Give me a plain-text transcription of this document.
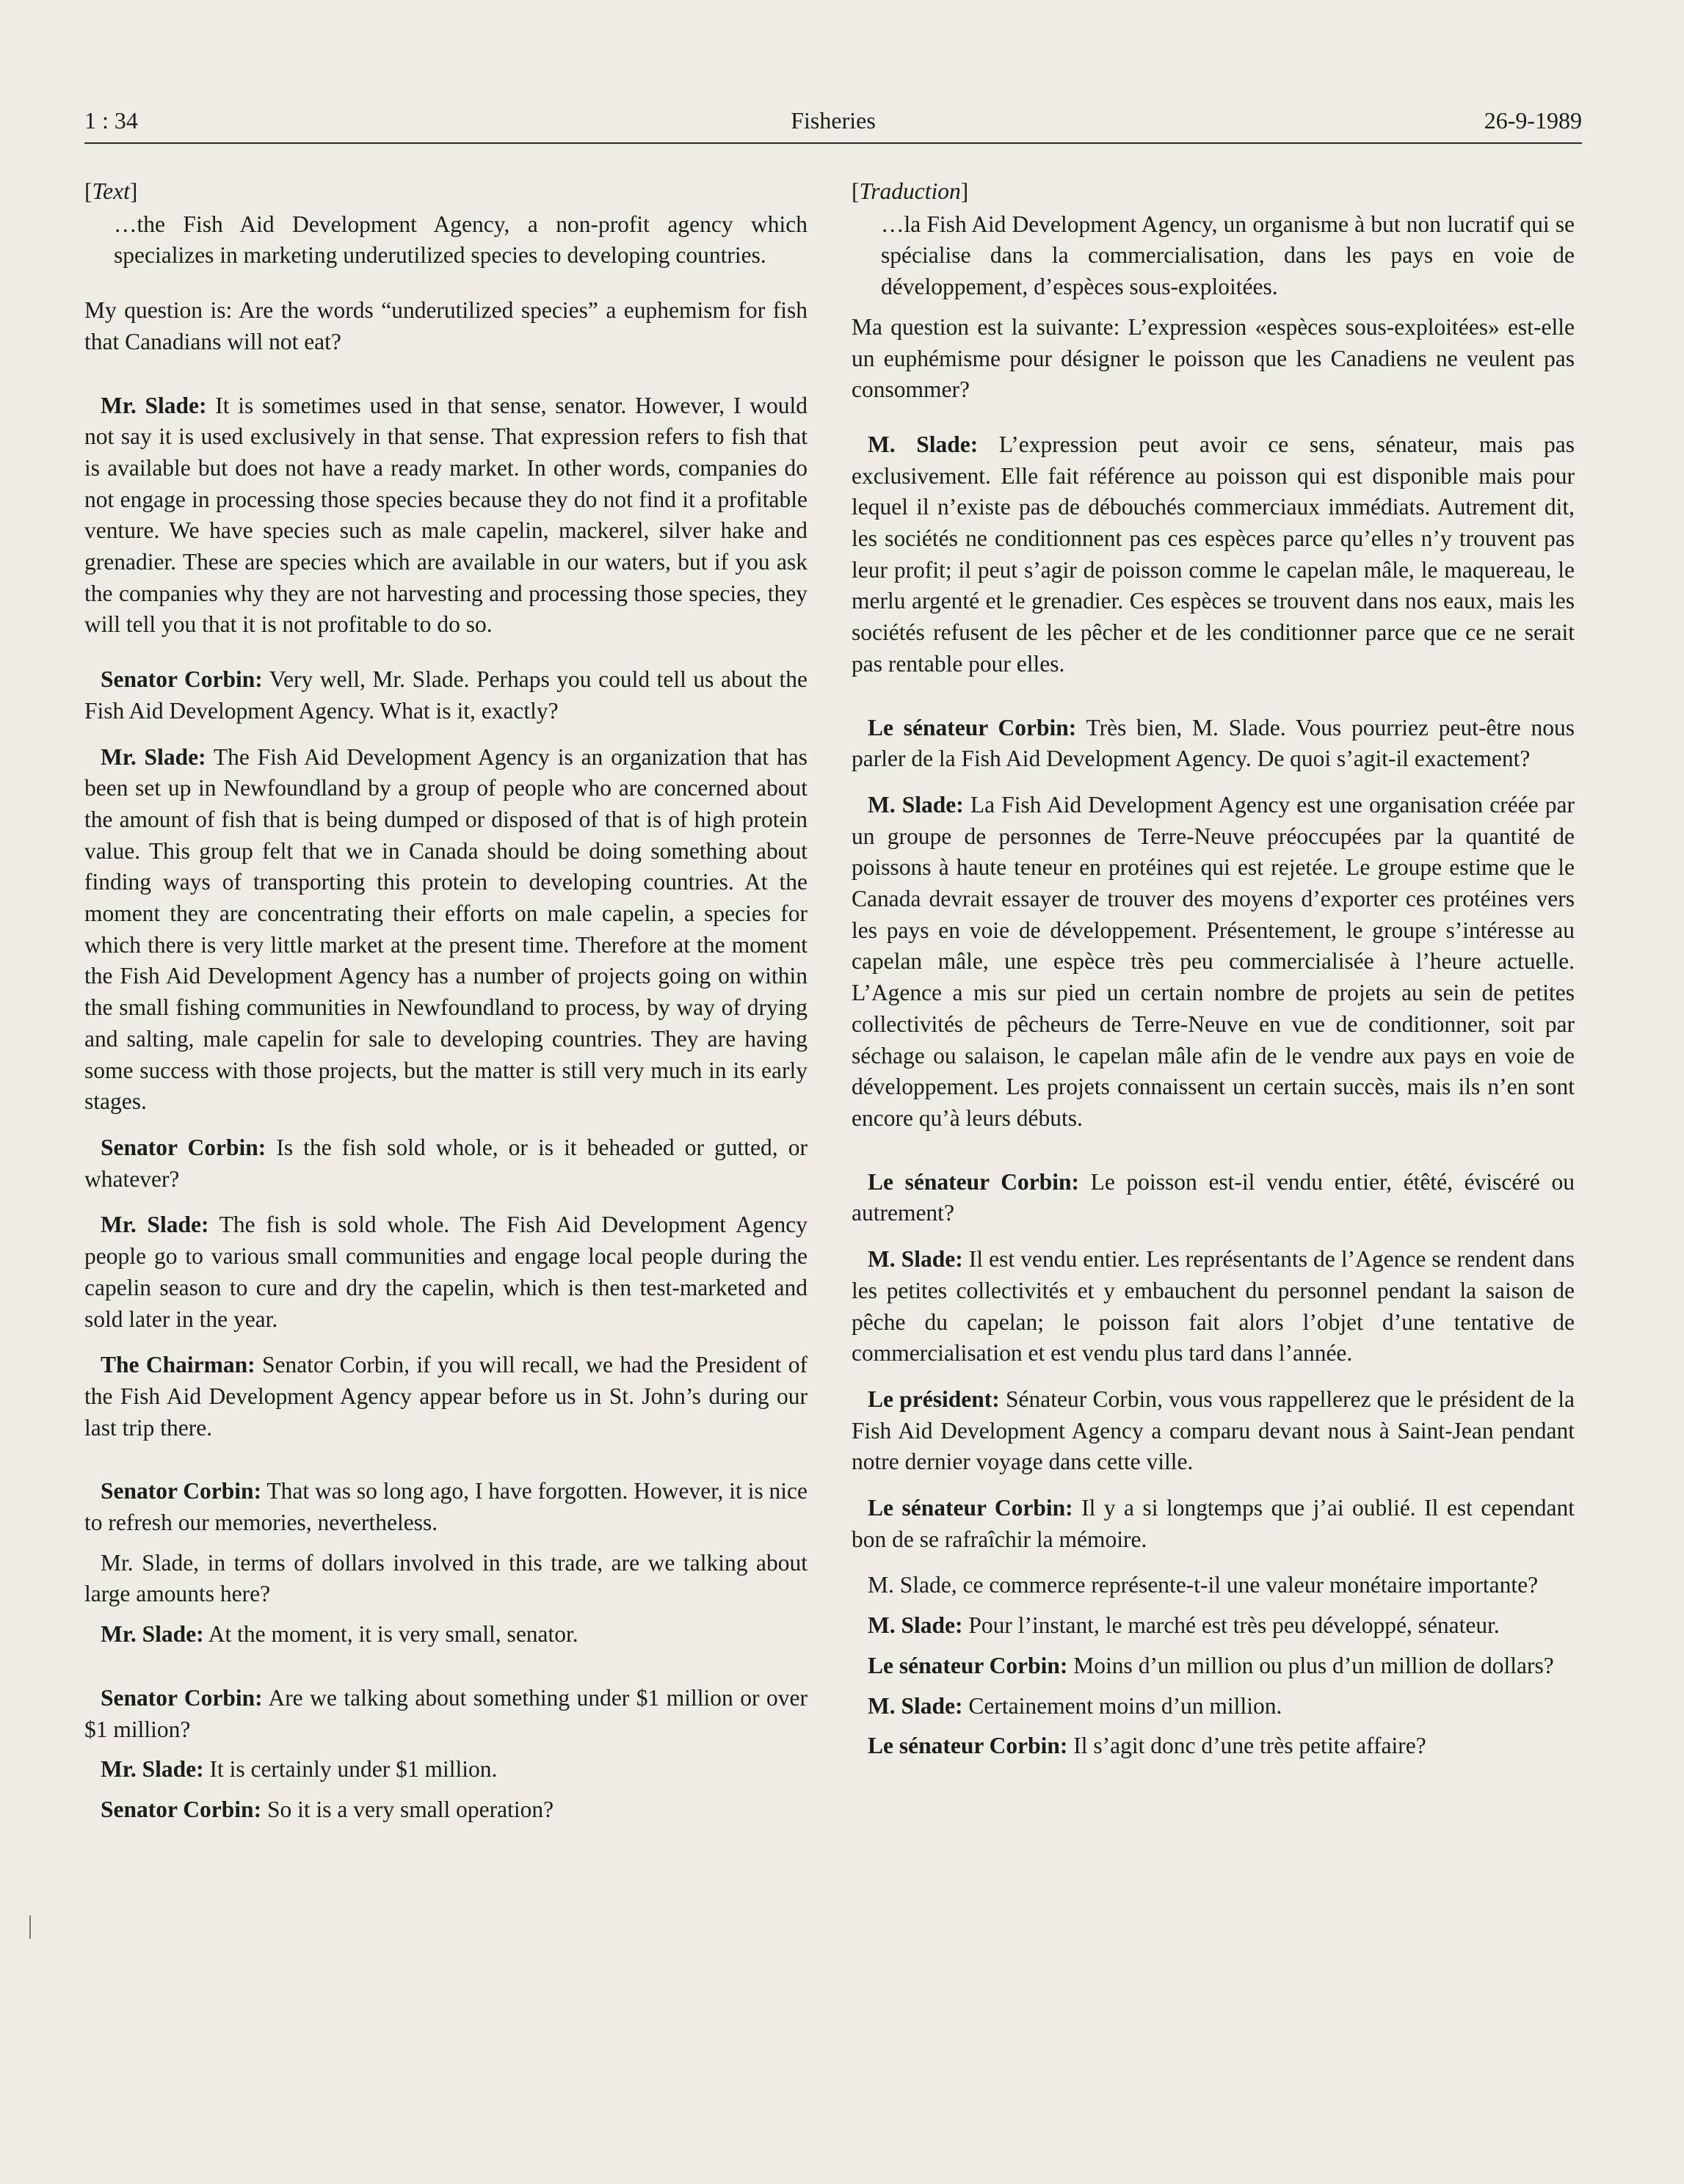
1 : 34	Fisheries	26-9-1989
[Text]

…the Fish Aid Development Agency, a non-profit agency which specializes in marketing underutilized species to developing countries.

My question is: Are the words “underutilized species” a euphemism for fish that Canadians will not eat?

Mr. Slade: It is sometimes used in that sense, senator. However, I would not say it is used exclusively in that sense. That expression refers to fish that is available but does not have a ready market. In other words, companies do not engage in processing those species because they do not find it a profitable venture. We have species such as male capelin, mackerel, silver hake and grenadier. These are species which are available in our waters, but if you ask the companies why they are not harvesting and processing those species, they will tell you that it is not profitable to do so.

Senator Corbin: Very well, Mr. Slade. Perhaps you could tell us about the Fish Aid Development Agency. What is it, exactly?

Mr. Slade: The Fish Aid Development Agency is an organization that has been set up in Newfoundland by a group of people who are concerned about the amount of fish that is being dumped or disposed of that is of high protein value. This group felt that we in Canada should be doing something about finding ways of transporting this protein to developing countries. At the moment they are concentrating their efforts on male capelin, a species for which there is very little market at the present time. Therefore at the moment the Fish Aid Development Agency has a number of projects going on within the small fishing communities in Newfoundland to process, by way of drying and salting, male capelin for sale to developing countries. They are having some success with those projects, but the matter is still very much in its early stages.

Senator Corbin: Is the fish sold whole, or is it beheaded or gutted, or whatever?

Mr. Slade: The fish is sold whole. The Fish Aid Development Agency people go to various small communities and engage local people during the capelin season to cure and dry the capelin, which is then test-marketed and sold later in the year.

The Chairman: Senator Corbin, if you will recall, we had the President of the Fish Aid Development Agency appear before us in St. John’s during our last trip there.

Senator Corbin: That was so long ago, I have forgotten. However, it is nice to refresh our memories, nevertheless.

Mr. Slade, in terms of dollars involved in this trade, are we talking about large amounts here?

Mr. Slade: At the moment, it is very small, senator.

Senator Corbin: Are we talking about something under $1 million or over $1 million?

Mr. Slade: It is certainly under $1 million.

Senator Corbin: So it is a very small operation?

[Traduction]

…la Fish Aid Development Agency, un organisme à but non lucratif qui se spécialise dans la commercialisation, dans les pays en voie de développement, d’espèces sous-exploitées.

Ma question est la suivante: L’expression «espèces sous-exploitées» est-elle un euphémisme pour désigner le poisson que les Canadiens ne veulent pas consommer?

M. Slade: L’expression peut avoir ce sens, sénateur, mais pas exclusivement. Elle fait référence au poisson qui est disponible mais pour lequel il n’existe pas de débouchés commerciaux immédiats. Autrement dit, les sociétés ne conditionnent pas ces espèces parce qu’elles n’y trouvent pas leur profit; il peut s’agir de poisson comme le capelan mâle, le maquereau, le merlu argenté et le grenadier. Ces espèces se trouvent dans nos eaux, mais les sociétés refusent de les pêcher et de les conditionner parce que ce ne serait pas rentable pour elles.

Le sénateur Corbin: Très bien, M. Slade. Vous pourriez peut-être nous parler de la Fish Aid Development Agency. De quoi s’agit-il exactement?

M. Slade: La Fish Aid Development Agency est une organisation créée par un groupe de personnes de Terre-Neuve préoccupées par la quantité de poissons à haute teneur en protéines qui est rejetée. Le groupe estime que le Canada devrait essayer de trouver des moyens d’exporter ces protéines vers les pays en voie de développement. Présentement, le groupe s’intéresse au capelan mâle, une espèce très peu commercialisée à l’heure actuelle. L’Agence a mis sur pied un certain nombre de projets au sein de petites collectivités de pêcheurs de Terre-Neuve en vue de conditionner, soit par séchage ou salaison, le capelan mâle afin de le vendre aux pays en voie de développement. Les projets connaissent un certain succès, mais ils n’en sont encore qu’à leurs débuts.

Le sénateur Corbin: Le poisson est-il vendu entier, étêté, éviscéré ou autrement?

M. Slade: Il est vendu entier. Les représentants de l’Agence se rendent dans les petites collectivités et y embauchent du personnel pendant la saison de pêche du capelan; le poisson fait alors l’objet d’une tentative de commercialisation et est vendu plus tard dans l’année.

Le président: Sénateur Corbin, vous vous rappellerez que le président de la Fish Aid Development Agency a comparu devant nous à Saint-Jean pendant notre dernier voyage dans cette ville.

Le sénateur Corbin: Il y a si longtemps que j’ai oublié. Il est cependant bon de se rafraîchir la mémoire.

M. Slade, ce commerce représente-t-il une valeur monétaire importante?

M. Slade: Pour l’instant, le marché est très peu développé, sénateur.

Le sénateur Corbin: Moins d’un million ou plus d’un million de dollars?

M. Slade: Certainement moins d’un million.

Le sénateur Corbin: Il s’agit donc d’une très petite affaire?
